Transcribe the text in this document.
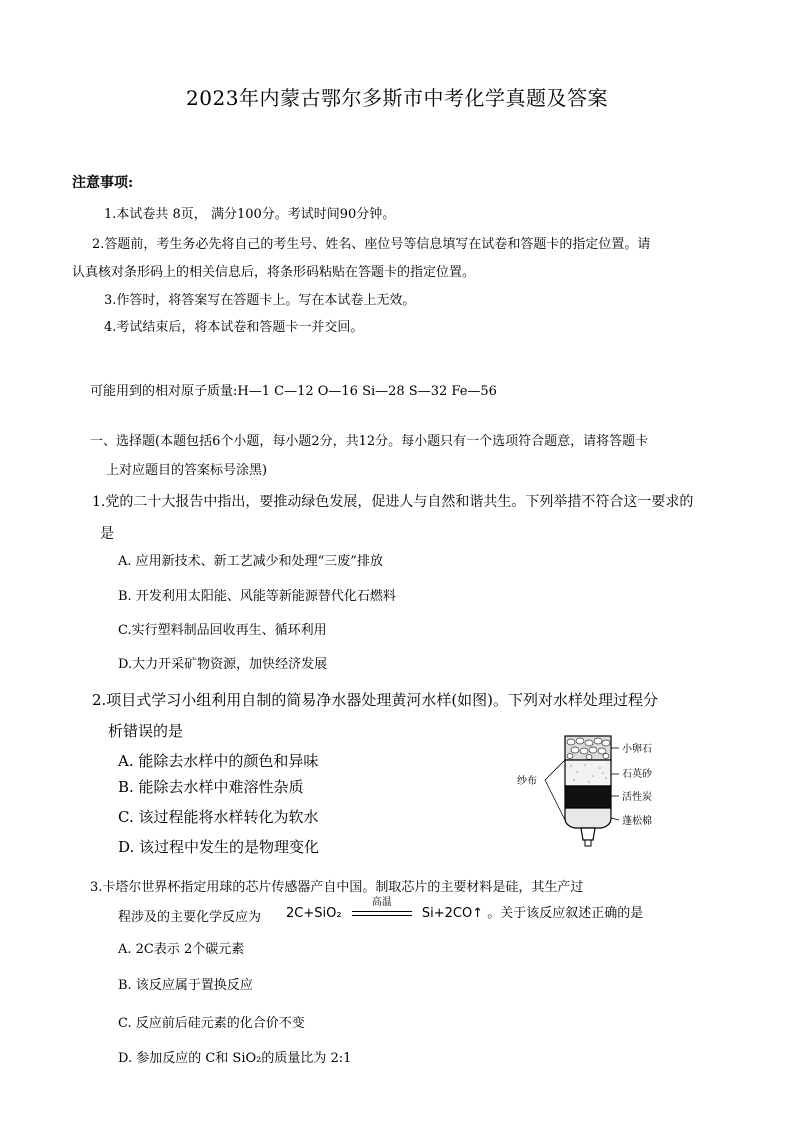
2023年内蒙古鄂尔多斯市中考化学真题及答案
注意事项:
1.本试卷共 8页， 满分100分。考试时间90分钟。
2.答题前，考生务必先将自己的考生号、姓名、座位号等信息填写在试卷和答题卡的指定位置。请
认真核对条形码上的相关信息后，将条形码粘贴在答题卡的指定位置。
3.作答时，将答案写在答题卡上。写在本试卷上无效。
4.考试结束后，将本试卷和答题卡一并交回。
可能用到的相对原子质量:H—1 C—12 O—16 Si—28 S—32 Fe—56
一、选择题(本题包括6个小题，每小题2分，共12分。每小题只有一个选项符合题意，请将答题卡
上对应题目的答案标号涂黑)
1.党的二十大报告中指出，要推动绿色发展，促进人与自然和谐共生。下列举措不符合这一要求的
是
A. 应用新技术、新工艺减少和处理“三废”排放
B. 开发利用太阳能、风能等新能源替代化石燃料
C.实行塑料制品回收再生、循环利用
D.大力开采矿物资源，加快经济发展
2.项目式学习小组利用自制的简易净水器处理黄河水样(如图)。下列对水样处理过程分
析错误的是
A. 能除去水样中的颜色和异味
B. 能除去水样中难溶性杂质
C. 该过程能将水样转化为软水
D. 该过程中发生的是物理变化
纱布
小卵石
石英砂
活性炭
蓬松棉
3.卡塔尔世界杯指定用球的芯片传感器产自中国。制取芯片的主要材料是硅，其生产过
程涉及的主要化学反应为 2C+SiO₂
高温
Si+2CO↑ 。关于该反应叙述正确的是
A. 2C表示 2个碳元素
B. 该反应属于置换反应
C. 反应前后硅元素的化合价不变
D. 参加反应的 C和 SiO₂的质量比为 2:1
